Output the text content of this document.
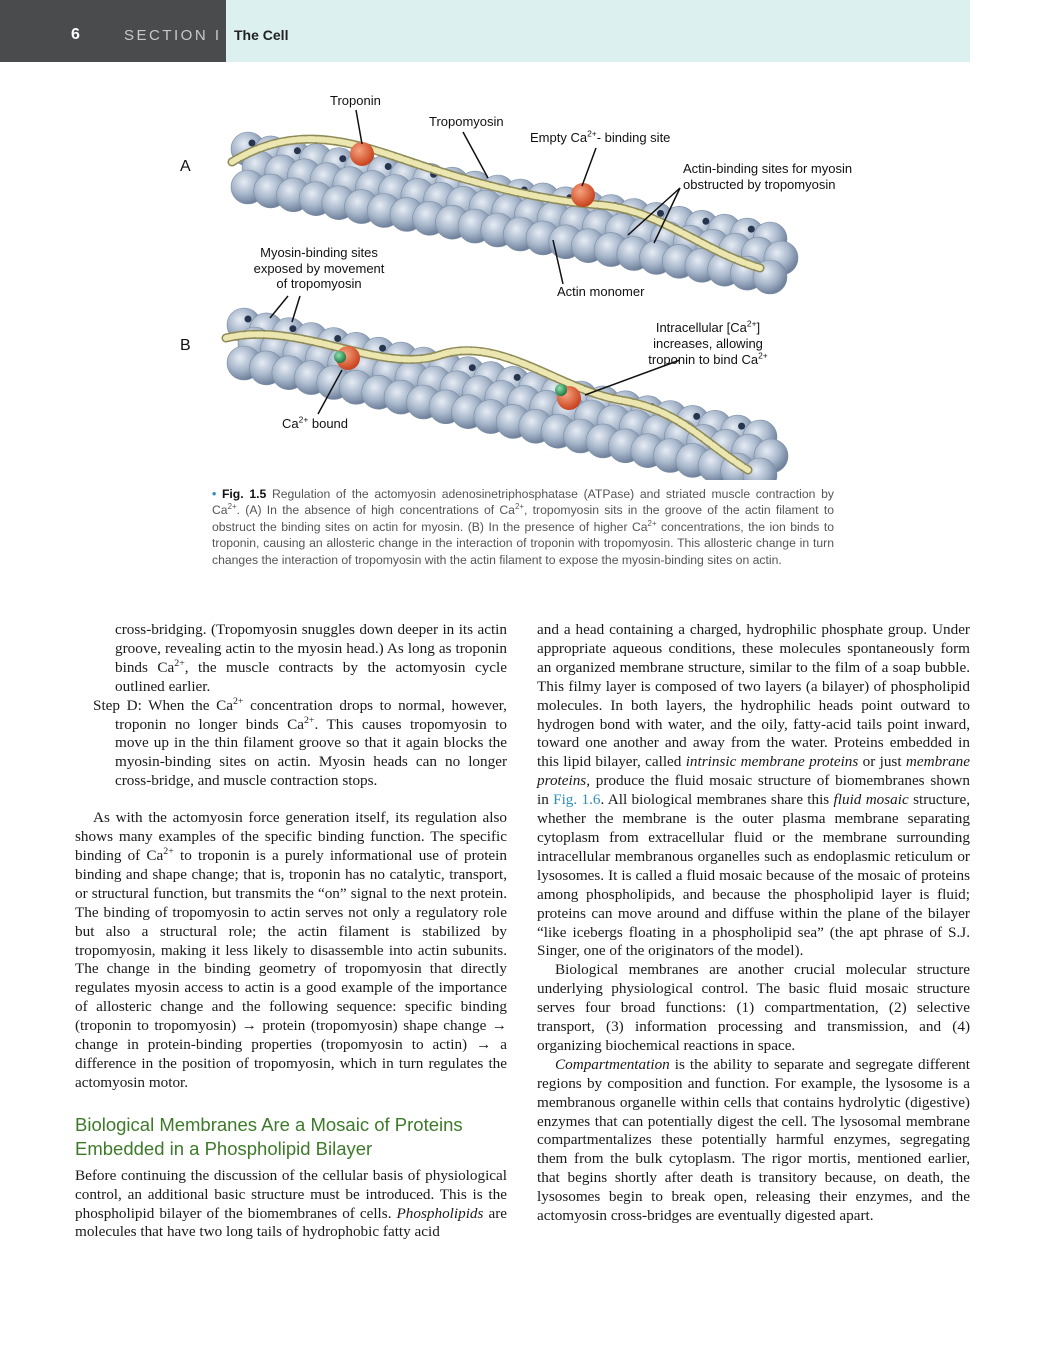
6	SECTION I The Cell
A
B
Troponin
Tropomyosin
Empty $Ca^{2+}-$ binding site
Actin-binding sites for myosin
obstructed by tropomyosin
Myosin-binding sites
exposed by movement
of tropomyosin
Actin monomer
Intracellular $[Ca^{2+}]$
increases, allowing
troponin to bind $Ca^{2+}$
$Ca^{2+}$ bound
• Fig. 1.5 Regulation of the actomyosin adenosinetriphosphatase (ATPase) and striated muscle contraction by $Ca^{2+}$. (A) In the absence of high concentrations of $Ca^{2+}$, tropomyosin sits in the groove of the actin filament to obstruct the binding sites on actin for myosin. (B) In the presence of higher $Ca^{2+}$ concentrations, the ion binds to troponin, causing an allosteric change in the interaction of troponin with tropomyosin. This allosteric change in turn changes the interaction of tropomyosin with the actin filament to expose the myosin-binding sites on actin.

cross-bridging. (Tropomyosin snuggles down deeper in its actin groove, revealing actin to the myosin head.) As long as troponin binds $Ca^{2+}$, the muscle contracts by the actomyosin cycle outlined earlier.

Step D: When the $Ca^{2+}$ concentration drops to normal, however, troponin no longer binds $Ca^{2+}$. This causes tropomyosin to move up in the thin filament groove so that it again blocks the myosin-binding sites on actin. Myosin heads can no longer cross-bridge, and muscle contraction stops.

As with the actomyosin force generation itself, its regulation also shows many examples of the specific binding function. The specific binding of $Ca^{2+}$ to troponin is a purely informational use of protein binding and shape change; that is, troponin has no catalytic, transport, or structural function, but transmits the “on” signal to the next protein. The binding of tropomyosin to actin serves not only a regulatory role but also a structural role; the actin filament is stabilized by tropomyosin, making it less likely to disassemble into actin subunits. The change in the binding geometry of tropomyosin that directly regulates myosin access to actin is a good example of the importance of allosteric change and the following sequence: specific binding (troponin to tropomyosin) → protein (tropomyosin) shape change → change in protein-binding properties (tropomyosin to actin) → a difference in the position of tropomyosin, which in turn regulates the actomyosin motor.

Biological Membranes Are a Mosaic of Proteins Embedded in a Phospholipid Bilayer

Before continuing the discussion of the cellular basis of physiological control, an additional basic structure must be introduced. This is the phospholipid bilayer of the biomembranes of cells. Phospholipids are molecules that have two long tails of hydrophobic fatty acid

and a head containing a charged, hydrophilic phosphate group. Under appropriate aqueous conditions, these molecules spontaneously form an organized membrane structure, similar to the film of a soap bubble. This filmy layer is composed of two layers (a bilayer) of phospholipid molecules. In both layers, the hydrophilic heads point outward to hydrogen bond with water, and the oily, fatty-acid tails point inward, toward one another and away from the water. Proteins embedded in this lipid bilayer, called intrinsic membrane proteins or just membrane proteins, produce the fluid mosaic structure of biomembranes shown in Fig. 1.6. All biological membranes share this fluid mosaic structure, whether the membrane is the outer plasma membrane separating cytoplasm from extracellular fluid or the membrane surrounding intracellular membranous organelles such as endoplasmic reticulum or lysosomes. It is called a fluid mosaic because of the mosaic of proteins among phospholipids, and because the phospholipid layer is fluid; proteins can move around and diffuse within the plane of the bilayer “like icebergs floating in a phospholipid sea” (the apt phrase of S.J. Singer, one of the originators of the model).

Biological membranes are another crucial molecular structure underlying physiological control. The basic fluid mosaic structure serves four broad functions: (1) compartmentation, (2) selective transport, (3) information processing and transmission, and (4) organizing biochemical reactions in space.

Compartmentation is the ability to separate and segregate different regions by composition and function. For example, the lysosome is a membranous organelle within cells that contains hydrolytic (digestive) enzymes that can potentially digest the cell. The lysosomal membrane compartmentalizes these potentially harmful enzymes, segregating them from the bulk cytoplasm. The rigor mortis, mentioned earlier, that begins shortly after death is transitory because, on death, the lysosomes begin to break open, releasing their enzymes, and the actomyosin cross-bridges are eventually digested apart.
